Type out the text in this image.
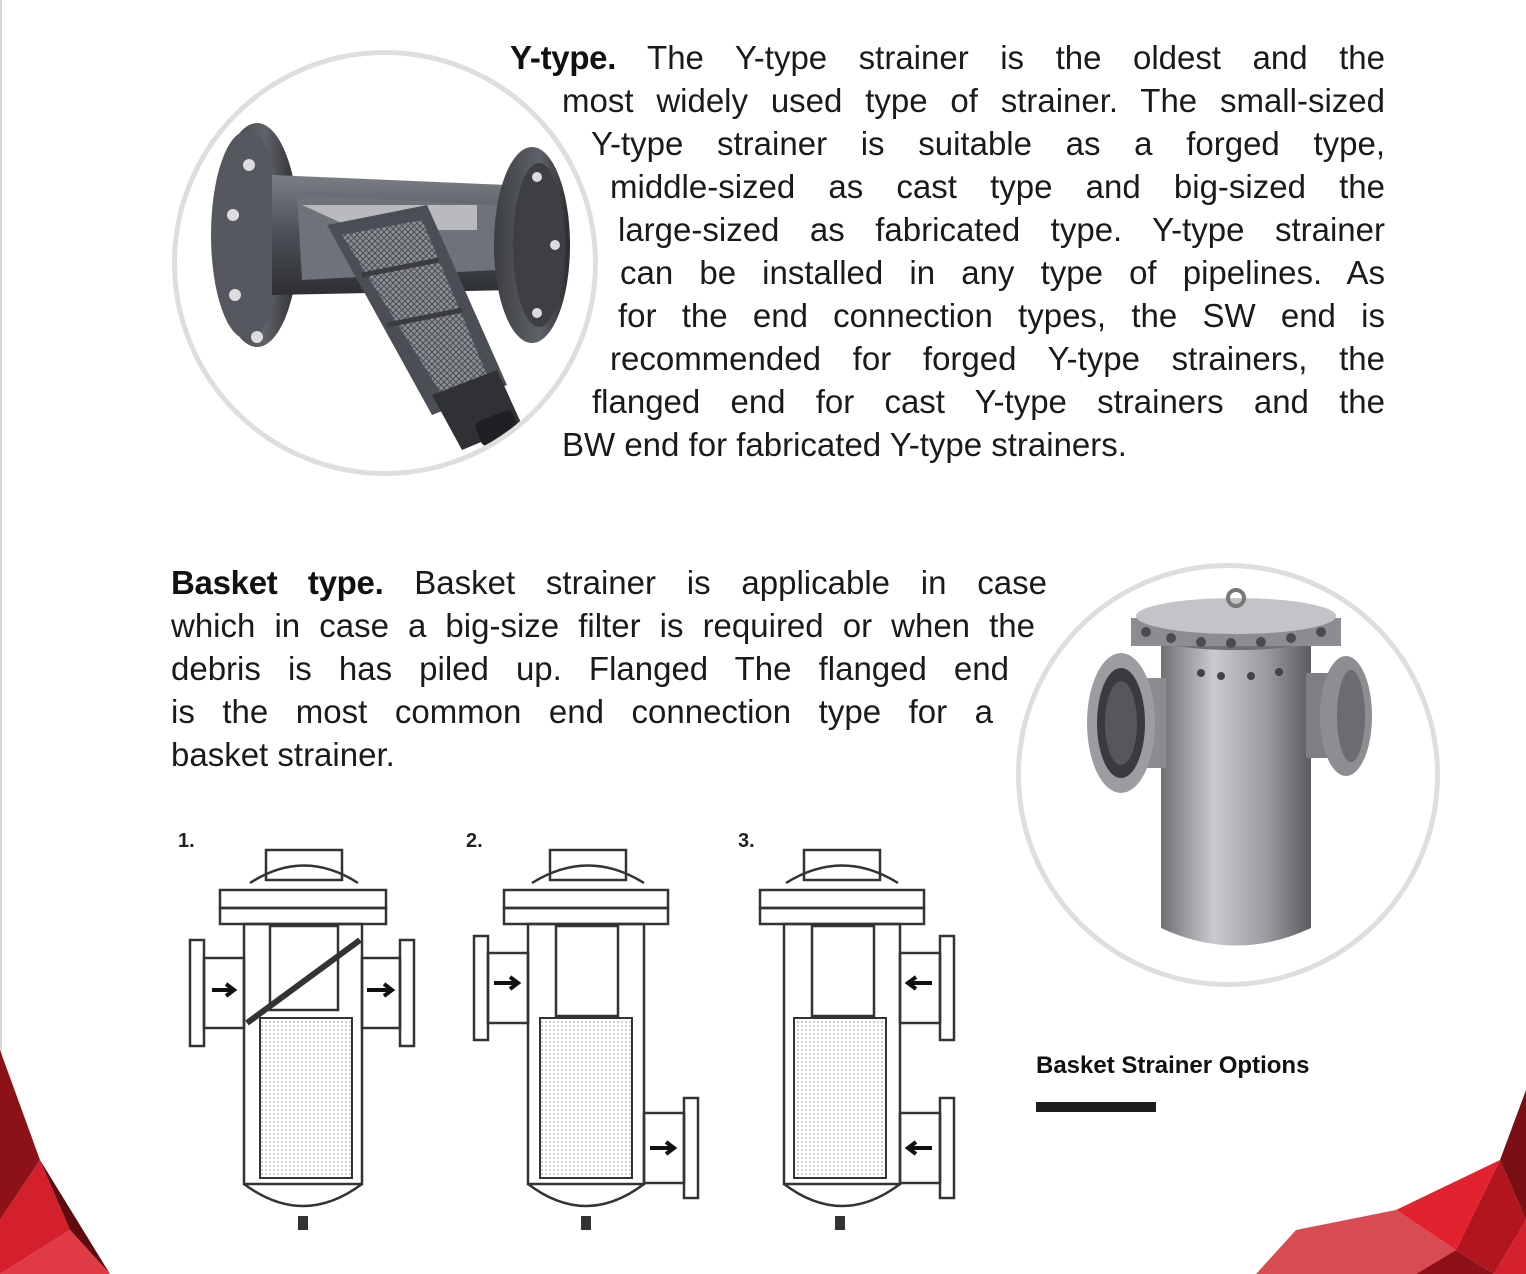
Y-type. The Y-type strainer is the oldest and the
most widely used type of strainer. The small-sized
Y-type strainer is suitable as a forged type,
middle-sized as cast type and big-sized the
large-sized as fabricated type. Y-type strainer
can be installed in any type of pipelines. As
for the end connection types, the SW end is
recommended for forged Y-type strainers, the
flanged end for cast Y-type strainers and the
BW end for fabricated Y-type strainers.

Basket type. Basket strainer is applicable in case
which in case a big-size filter is required or when the
debris is has piled up. Flanged The flanged end
is the most common end connection type for a
basket strainer.

1.	2.	3.

Basket Strainer Options
